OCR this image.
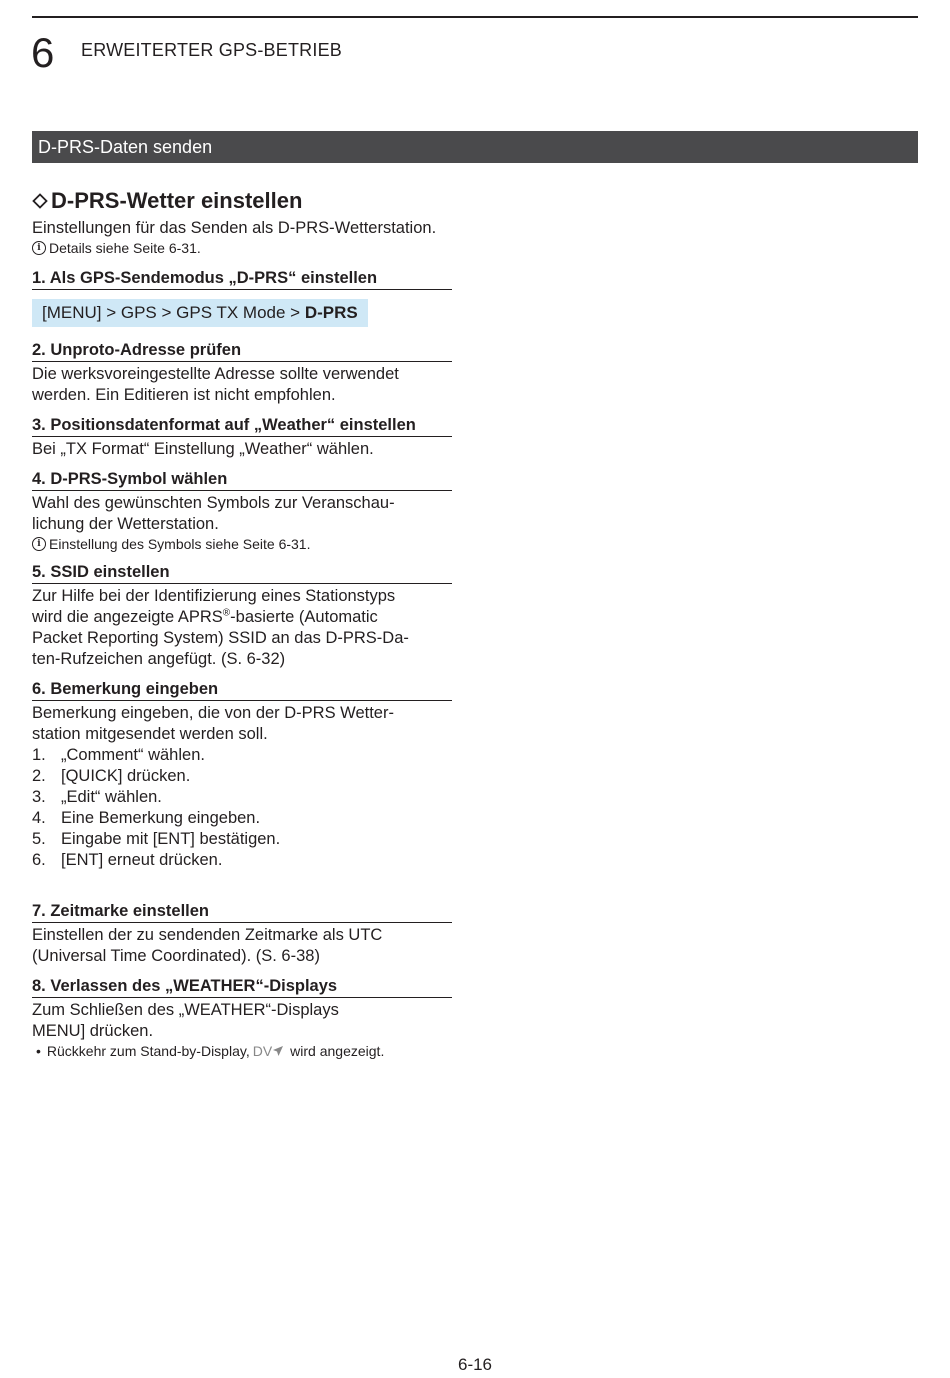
6 ERWEITERTER GPS-BETRIEB
D-PRS-Daten senden
D-PRS-Wetter einstellen

Einstellungen für das Senden als D-PRS-Wetterstation.

i Details siehe Seite 6-31.
1. Als GPS-Sendemodus „D-PRS“ einstellen
[MENU] > GPS > GPS TX Mode > D-PRS
2. Unproto-Adresse prüfen

Die werksvoreingestellte Adresse sollte verwendet werden. Ein Editieren ist nicht empfohlen.

3. Positionsdatenformat auf „Weather“ einstellen

Bei „TX Format“ Einstellung „Weather“ wählen.

4. D-PRS-Symbol wählen

Wahl des gewünschten Symbols zur Veranschau-

lichung der Wetterstation.

i Einstellung des Symbols siehe Seite 6-31.
5. SSID einstellen

Zur Hilfe bei der Identifizierung eines Stationstyps

wird die angezeigte APRS®-basierte (Automatic

Packet Reporting System) SSID an das D-PRS-Da-

ten-Rufzeichen angefügt. (S. 6-32)

6. Bemerkung eingeben

Bemerkung eingeben, die von der D-PRS Wetter-

station mitgesendet werden soll.

1. „Comment“ wählen.
2. [QUICK] drücken.
3. „Edit“ wählen.
4. Eine Bemerkung eingeben.
5. Eingabe mit [ENT] bestätigen.
6. [ENT] erneut drücken.
7. Zeitmarke einstellen

Einstellen der zu sendenden Zeitmarke als UTC

(Universal Time Coordinated). (S. 6-38)

8. Verlassen des „WEATHER“-Displays

Zum Schließen des „WEATHER“-Displays

MENU] drücken.

• Rückkehr zum Stand-by-Display, DV wird angezeigt.
6-16
